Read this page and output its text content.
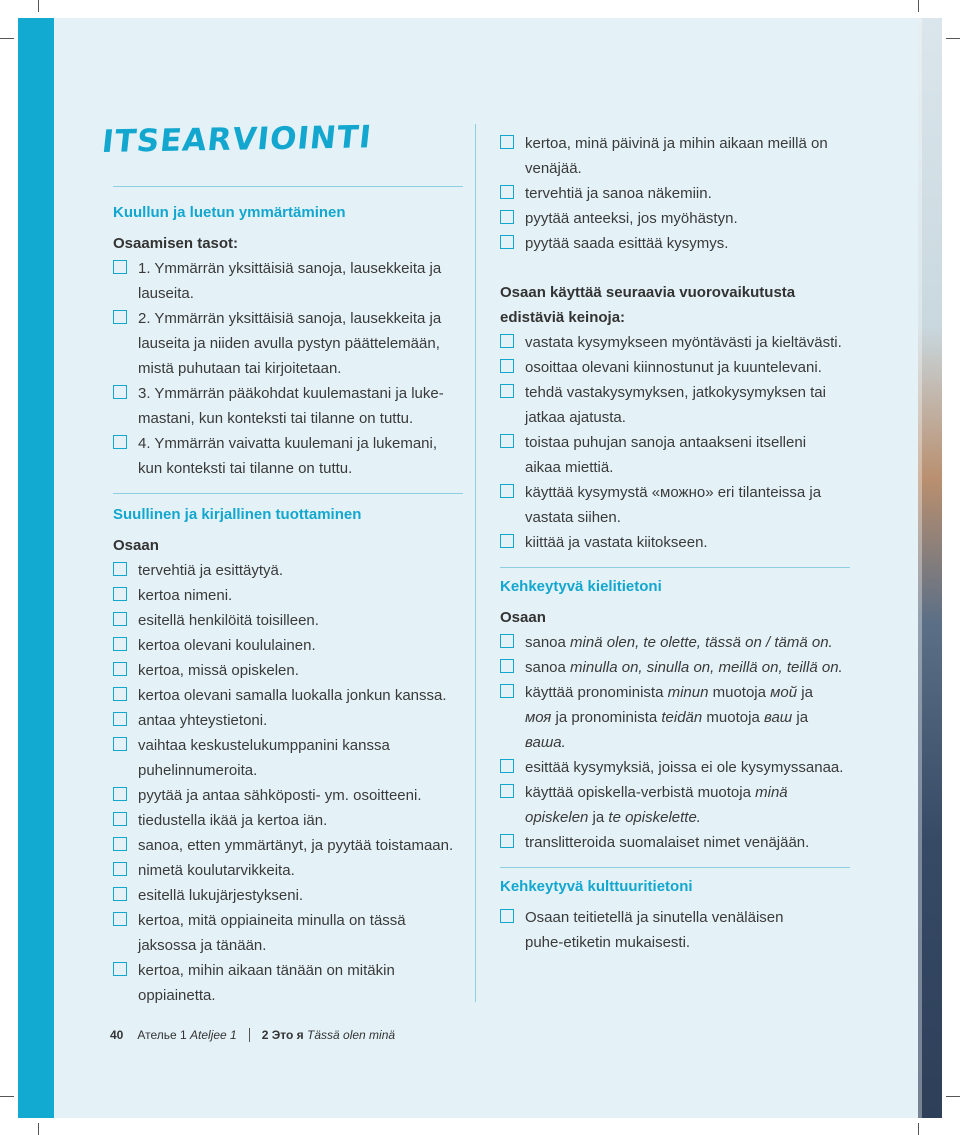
ITSEARVIOINTI
Kuullun ja luetun ymmärtäminen
Osaamisen tasot:
1. Ymmärrän yksittäisiä sanoja, lausekkeita ja
lauseita.
2. Ymmärrän yksittäisiä sanoja, lausekkeita ja
lauseita ja niiden avulla pystyn päättelemään,
mistä puhutaan tai kirjoitetaan.
3. Ymmärrän pääkohdat kuulemastani ja luke-
mastani, kun konteksti tai tilanne on tuttu.
4. Ymmärrän vaivatta kuulemani ja lukemani,
kun konteksti tai tilanne on tuttu.
Suullinen ja kirjallinen tuottaminen
Osaan
tervehtiä ja esittäytyä.
kertoa nimeni.
esitellä henkilöitä toisilleen.
kertoa olevani koululainen.
kertoa, missä opiskelen.
kertoa olevani samalla luokalla jonkun kanssa.
antaa yhteystietoni.
vaihtaa keskustelukumppanini kanssa
puhelinnumeroita.
pyytää ja antaa sähköposti- ym. osoitteeni.
tiedustella ikää ja kertoa iän.
sanoa, etten ymmärtänyt, ja pyytää toistamaan.
nimetä koulutarvikkeita.
esitellä lukujärjestykseni.
kertoa, mitä oppiaineita minulla on tässä
jaksossa ja tänään.
kertoa, mihin aikaan tänään on mitäkin
oppiainetta.
kertoa, minä päivinä ja mihin aikaan meillä on
venäjää.
tervehtiä ja sanoa näkemiin.
pyytää anteeksi, jos myöhästyn.
pyytää saada esittää kysymys.
Osaan käyttää seuraavia vuorovaikutusta
edistäviä keinoja:
vastata kysymykseen myöntävästi ja kieltävästi.
osoittaa olevani kiinnostunut ja kuuntelevani.
tehdä vastakysymyksen, jatkokysymyksen tai
jatkaa ajatusta.
toistaa puhujan sanoja antaakseni itselleni
aikaa miettiä.
käyttää kysymystä «можно» eri tilanteissa ja
vastata siihen.
kiittää ja vastata kiitokseen.
Kehkeytyvä kielitietoni
Osaan
sanoa minä olen, te olette, tässä on / tämä on.
sanoa minulla on, sinulla on, meillä on, teillä on.
käyttää pronominista minun muotoja мой ja
моя ja pronominista teidän muotoja ваш ja
ваша.
esittää kysymyksiä, joissa ei ole kysymyssanaa.
käyttää opiskella-verbistä muotoja minä
opiskelen ja te opiskelette.
translitteroida suomalaiset nimet venäjään.
Kehkeytyvä kulttuuritietoni
Osaan teitietellä ja sinutella venäläisen
puhe-etiketin mukaisesti.
40 Ательe 1
Ateljee 1 2
Это я
Tässä olen minä
